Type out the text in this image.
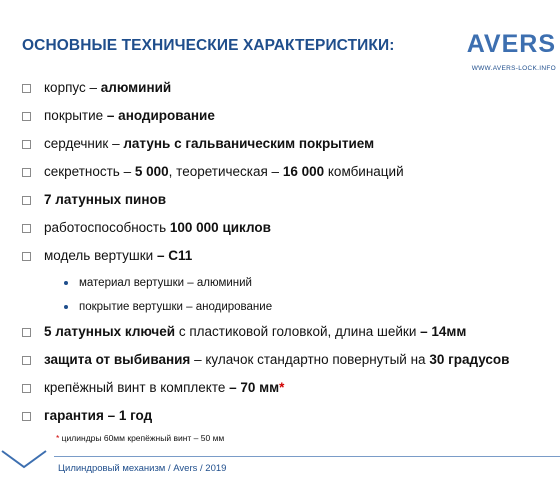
ОСНОВНЫЕ ТЕХНИЧЕСКИЕ ХАРАКТЕРИСТИКИ:	AVERS
WWW.AVERS-LOCK.INFO
корпус – алюминий
покрытие – анодирование
сердечник – латунь с гальваническим покрытием
секретность – 5 000, теоретическая – 16 000 комбинаций
7 латунных пинов
работоспособность 100 000 циклов
модель вертушки – С11
материал вертушки – алюминий
покрытие вертушки – анодирование
5 латунных ключей с пластиковой головкой, длина шейки – 14мм
защита от выбивания – кулачок стандартно повернутый на 30 градусов
крепёжный винт в комплекте – 70 мм*
гарантия – 1 год
* цилиндры 60мм крепёжный винт – 50 мм
Цилиндровый механизм / Avers / 2019
